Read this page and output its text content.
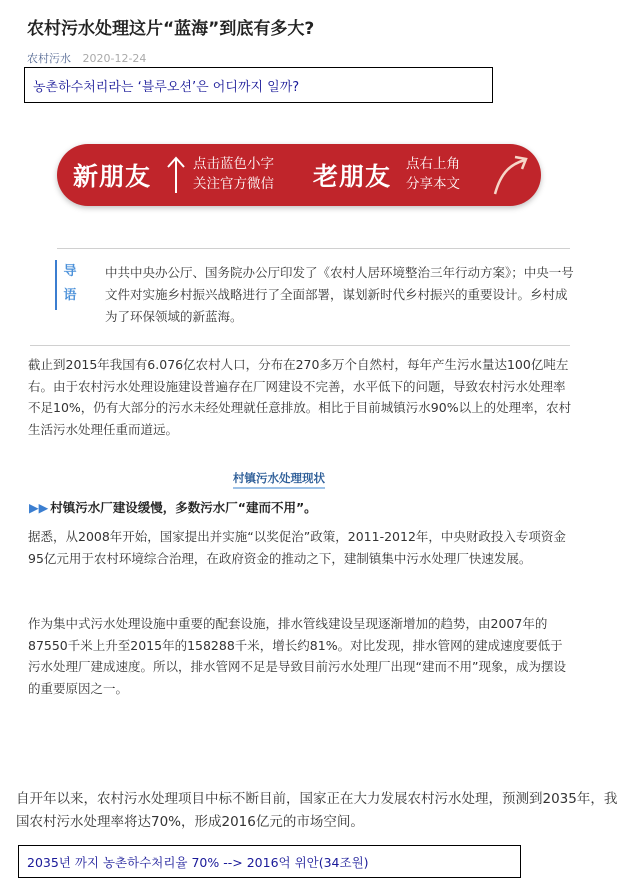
农村污水处理这片“蓝海”到底有多大?
农村污水 2020-12-24
농촌하수처리라는 ‘블루오션’은 어디까지 일까?
新朋友	点击蓝色小字
关注官方微信 老朋友 点右上角
分享本文
导
语
中共中央办公厅、国务院办公厅印发了《农村人居环境整治三年行动方案》；中央一号文件对实施乡村振兴战略进行了全面部署，谋划新时代乡村振兴的重要设计。乡村成为了环保领域的新蓝海。
截止到2015年我国有6.076亿农村人口，分布在270多万个自然村，每年产生污水量达100亿吨左右。由于农村污水处理设施建设普遍存在厂网建设不完善，水平低下的问题，导致农村污水处理率不足10%，仍有大部分的污水未经处理就任意排放。相比于目前城镇污水90%以上的处理率，农村生活污水处理任重而道远。
村镇污水处理现状
▶▶ 村镇污水厂建设缓慢，多数污水厂“建而不用”。
据悉，从2008年开始，国家提出并实施“以奖促治”政策，2011-2012年，中央财政投入专项资金95亿元用于农村环境综合治理，在政府资金的推动之下，建制镇集中污水处理厂快速发展。
作为集中式污水处理设施中重要的配套设施，排水管线建设呈现逐渐增加的趋势，由2007年的87550千米上升至2015年的158288千米，增长约81%。对比发现，排水管网的建成速度要低于污水处理厂建成速度。所以，排水管网不足是导致目前污水处理厂出现“建而不用”现象，成为摆设的重要原因之一。
自开年以来，农村污水处理项目中标不断目前，国家正在大力发展农村污水处理，预测到2035年，我国农村污水处理率将达70%，形成2016亿元的市场空间。
2035년 까지 농촌하수처리율 70% --> 2016억 위안(34조원)
